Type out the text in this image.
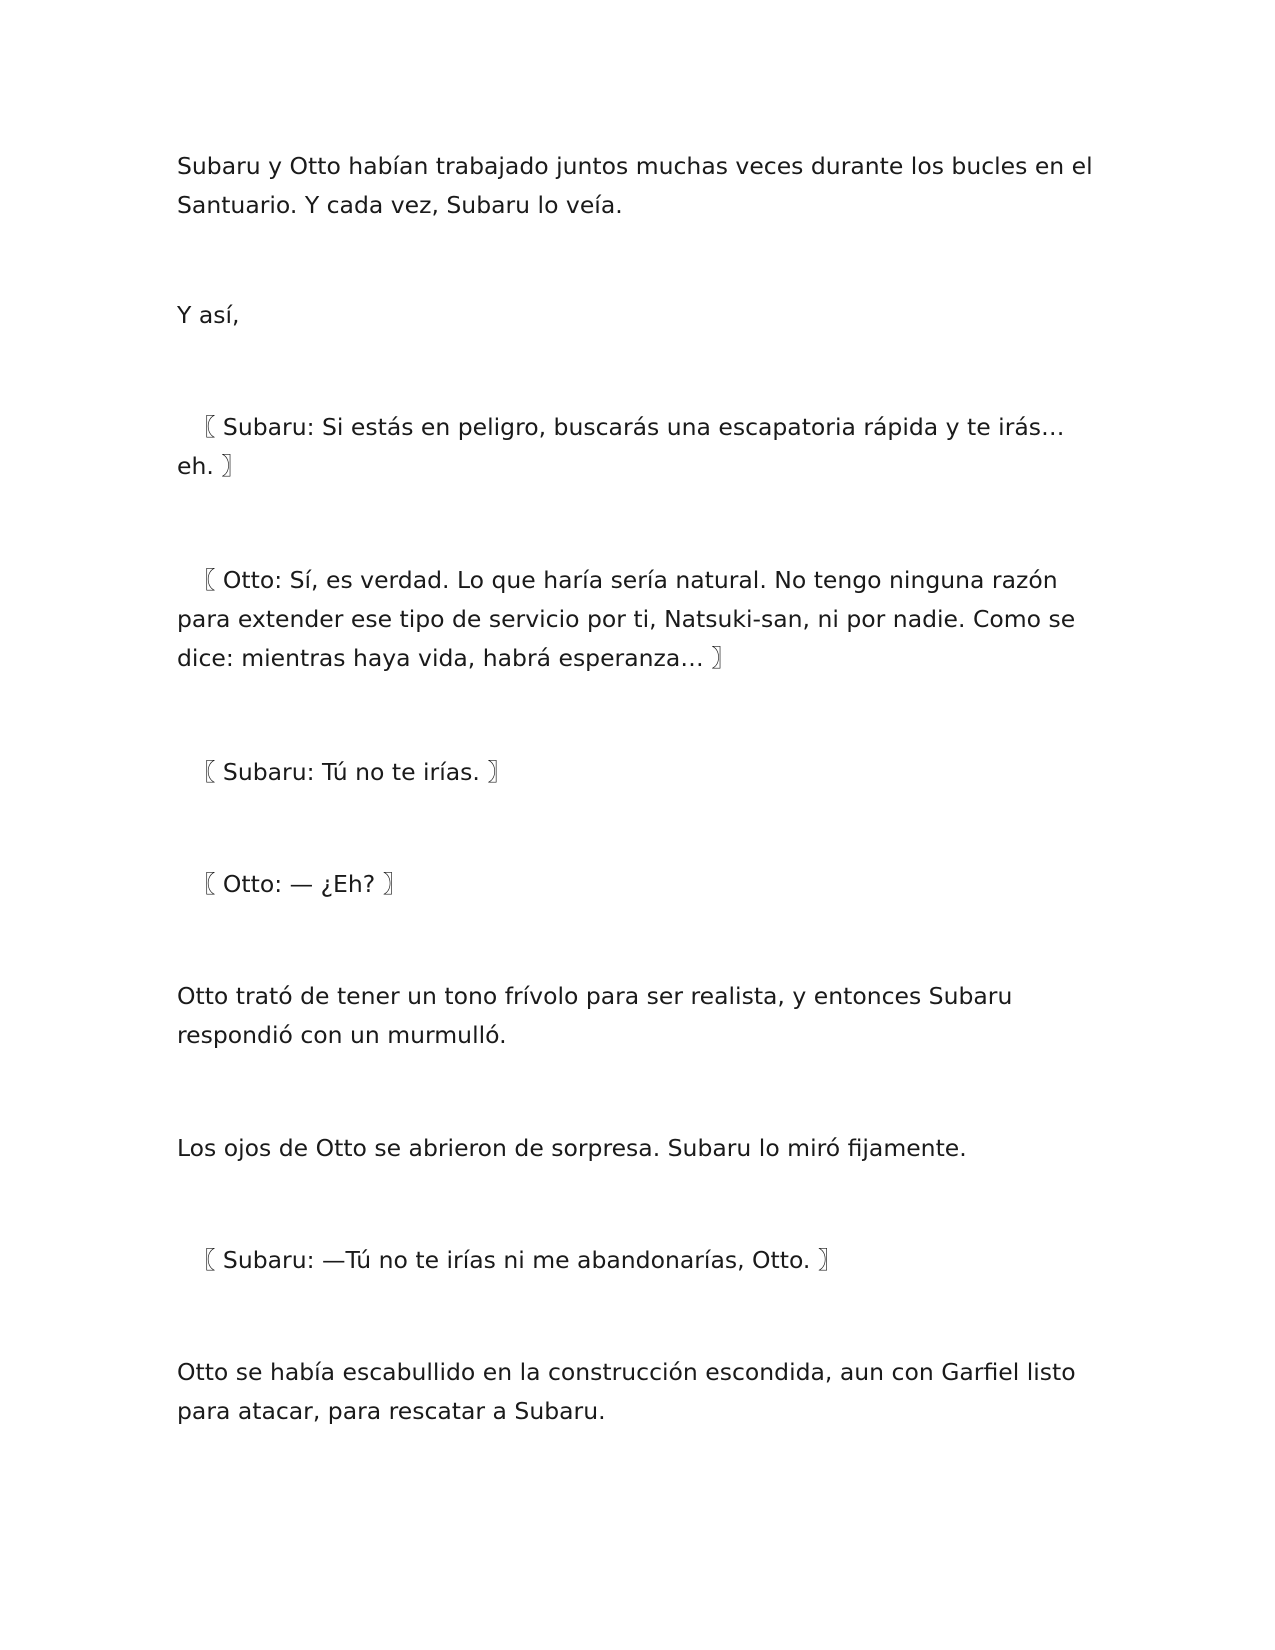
Subaru y Otto habían trabajado juntos muchas veces durante los bucles en el Santuario. Y cada vez, Subaru lo veía.

Y así,

〖 Subaru: Si estás en peligro, buscarás una escapatoria rápida y te irás… eh. 〗

〖 Otto: Sí, es verdad. Lo que haría sería natural. No tengo ninguna razón para extender ese tipo de servicio por ti, Natsuki-san, ni por nadie. Como se dice: mientras haya vida, habrá esperanza… 〗

〖 Subaru: Tú no te irías. 〗

〖 Otto: — ¿Eh? 〗

Otto trató de tener un tono frívolo para ser realista, y entonces Subaru respondió con un murmulló.

Los ojos de Otto se abrieron de sorpresa. Subaru lo miró fijamente.

〖 Subaru: —Tú no te irías ni me abandonarías, Otto. 〗

Otto se había escabullido en la construcción escondida, aun con Garfiel listo para atacar, para rescatar a Subaru.
